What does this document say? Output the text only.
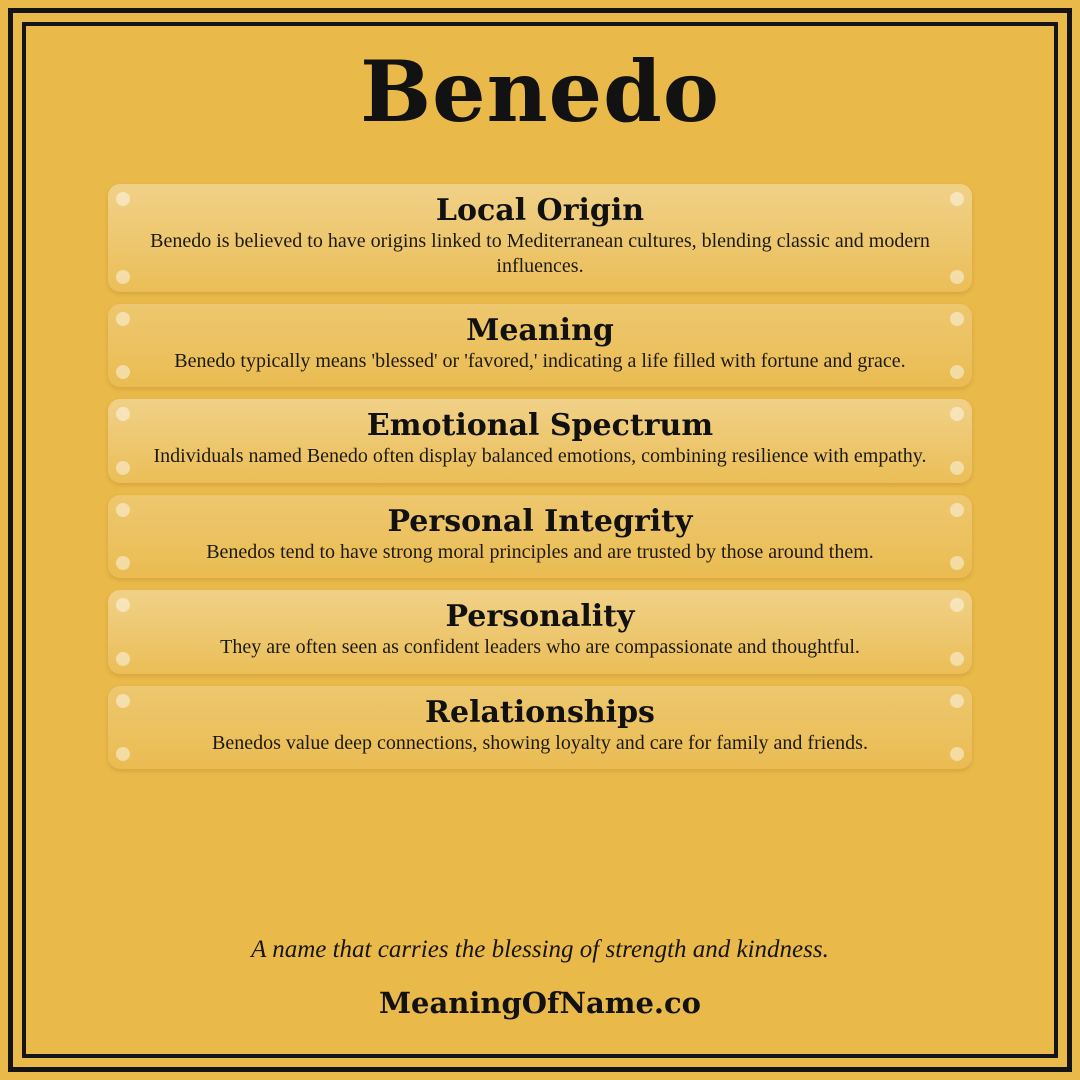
Benedo
Local Origin
Benedo is believed to have origins linked to Mediterranean cultures, blending classic and modern influences.
Meaning
Benedo typically means 'blessed' or 'favored,' indicating a life filled with fortune and grace.
Emotional Spectrum
Individuals named Benedo often display balanced emotions, combining resilience with empathy.
Personal Integrity
Benedos tend to have strong moral principles and are trusted by those around them.
Personality
They are often seen as confident leaders who are compassionate and thoughtful.
Relationships
Benedos value deep connections, showing loyalty and care for family and friends.
A name that carries the blessing of strength and kindness.
MeaningOfName.co
